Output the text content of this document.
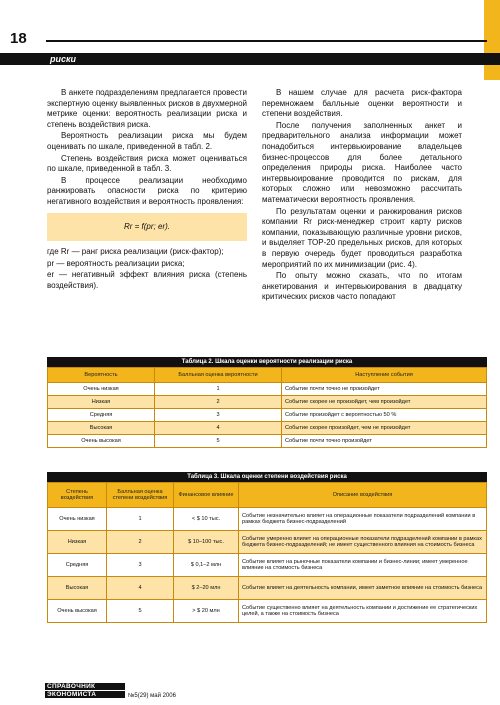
18
риски

В анкете подразделениям предлагается провести экспертную оценку выявленных рисков в двухмерной метрике оценки: вероятность реализации риска и степень воздействия риска.

Вероятность реализации риска мы будем оценивать по шкале, приведенной в табл. 2.

Степень воздействия риска может оцениваться по шкале, приведенной в табл. 3.

В процессе реализации необходимо ранжировать опасности риска по критерию негативного воздействия и вероятность проявления:

Rr = f(pr; er).

где Rr — ранг риска реализации (риск-фактор);

pr — вероятность реализации риска;

er — негативный эффект влияния риска (степень воздействия).

В нашем случае для расчета риск-фактора перемножаем балльные оценки вероятности и степени воздействия.

После получения заполненных анкет и предварительного анализа информации может понадобиться интервьюирование владельцев бизнес-процессов для более детального определения природы риска. Наиболее часто интервьюирование проводится по рискам, для которых сложно или невозможно рассчитать математически вероятность проявления.

По результатам оценки и ранжирования рисков компании Rr риск-менеджер строит карту рисков компании, показывающую различные уровни рисков, и выделяет ТОР-20 предельных рисков, для которых в первую очередь будет проводиться разработка мероприятий по их минимизации (рис. 4).

По опыту можно сказать, что по итогам анкетирования и интервьюирования в двадцатку критических рисков часто попадают

Таблица 2. Шкала оценки вероятности реализации риска
Вероятность	Балльная оценка вероятности	Наступление события
Очень низкая	1	Событие почти точно не произойдет
Низкая	2	Событие скорее не произойдет, чем произойдет
Средняя	3	Событие произойдет с вероятностью 50 %
Высокая	4	Событие скорее произойдет, чем не произойдет
Очень высокая	5	Событие почти точно произойдет
Таблица 3. Шкала оценки степени воздействия риска
Степень воздействия	Балльная оценка степени воздействия	Финансовое влияние	Описание воздействия
Очень низкая	1	< $ 10 тыс.	Событие незначительно влияет на операционные показатели подразделений компании в рамках бюджета бизнес-подразделений
Низкая	2	$ 10–100 тыс.	Событие умеренно влияет на операционные показатели подразделений компании в рамках бюджета бизнес-подразделений; не имеет существенного влияния на стоимость бизнеса
Средняя	3	$ 0,1–2 млн	Событие влияет на рыночные показатели компании и бизнес-линии; имеет умеренное влияние на стоимость бизнеса
Высокая	4	$ 2–20 млн	Событие влияет на деятельность компании, имеет заметное влияние на стоимость бизнеса
Очень высокая	5	> $ 20 млн	Событие существенно влияет на деятельность компании и достижение ее стратегических целей, а также на стоимость бизнеса
СПРАВОЧНИК
ЭКОНОМИСТА	№5(29) май 2006
